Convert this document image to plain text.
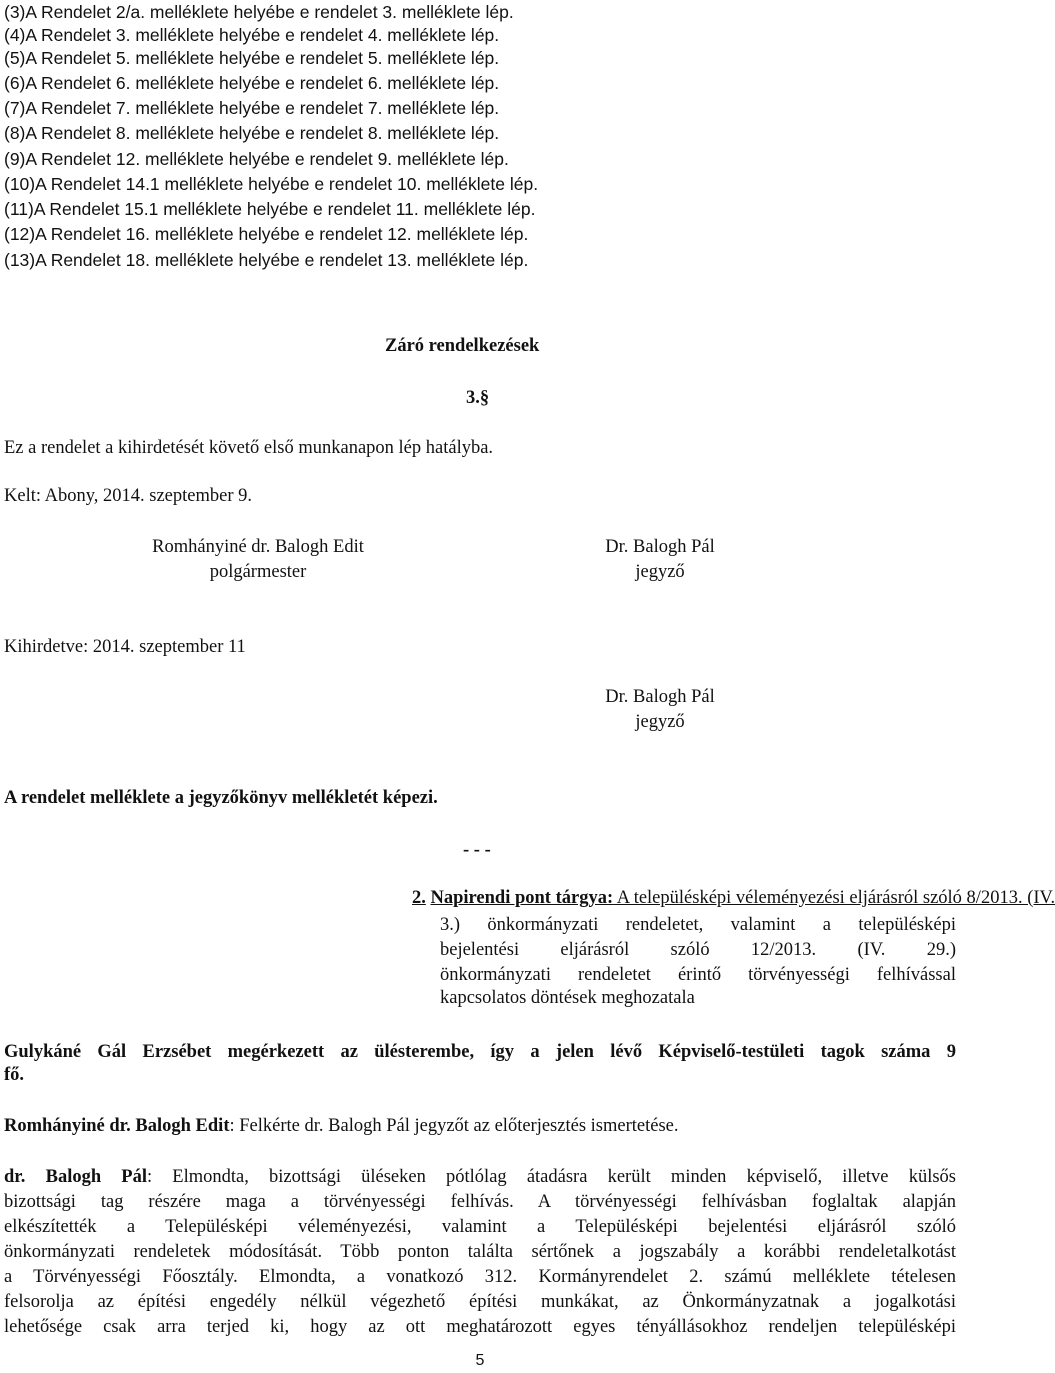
(3)A Rendelet 2/a. melléklete helyébe e rendelet 3. melléklete lép.
(4)A Rendelet 3. melléklete helyébe e rendelet 4. melléklete lép.
(5)A Rendelet 5. melléklete helyébe e rendelet 5. melléklete lép.
(6)A Rendelet 6. melléklete helyébe e rendelet 6. melléklete lép.
(7)A Rendelet 7. melléklete helyébe e rendelet 7. melléklete lép.
(8)A Rendelet 8. melléklete helyébe e rendelet 8. melléklete lép.
(9)A Rendelet 12. melléklete helyébe e rendelet 9. melléklete lép.
(10)A Rendelet 14.1 melléklete helyébe e rendelet 10. melléklete lép.
(11)A Rendelet 15.1 melléklete helyébe e rendelet 11. melléklete lép.
(12)A Rendelet 16. melléklete helyébe e rendelet 12. melléklete lép.
(13)A Rendelet 18. melléklete helyébe e rendelet 13. melléklete lép.
Záró rendelkezések
3.§
Ez a rendelet a kihirdetését követő első munkanapon lép hatályba.
Kelt: Abony, 2014. szeptember 9.
Romhányiné dr. Balogh Edit
polgármester
Dr. Balogh Pál
jegyző
Kihirdetve: 2014. szeptember 11
Dr. Balogh Pál
jegyző
A rendelet melléklete a jegyzőkönyv mellékletét képezi.
- - -
2. Napirendi pont tárgya: A településképi véleményezési eljárásról szóló 8/2013. (IV.
3.) önkormányzati rendeletet, valamint a településképi
bejelentési eljárásról szóló 12/2013. (IV. 29.)
önkormányzati rendeletet érintő törvényességi felhívással
kapcsolatos döntések meghozatala
Gulykáné Gál Erzsébet megérkezett az ülésterembe, így a jelen lévő Képviselő-testületi tagok száma 9
fő.
Romhányiné dr. Balogh Edit: Felkérte dr. Balogh Pál jegyzőt az előterjesztés ismertetése.
dr. Balogh Pál: Elmondta, bizottsági üléseken pótlólag átadásra került minden képviselő, illetve külsős
bizottsági tag részére maga a törvényességi felhívás. A törvényességi felhívásban foglaltak alapján
elkészítették a Településképi véleményezési, valamint a Településképi bejelentési eljárásról szóló
önkormányzati rendeletek módosítását. Több ponton találta sértőnek a jogszabály a korábbi rendeletalkotást
a Törvényességi Főosztály. Elmondta, a vonatkozó 312. Kormányrendelet 2. számú melléklete tételesen
felsorolja az építési engedély nélkül végezhető építési munkákat, az Önkormányzatnak a jogalkotási
lehetősége csak arra terjed ki, hogy az ott meghatározott egyes tényállásokhoz rendeljen településképi
5
